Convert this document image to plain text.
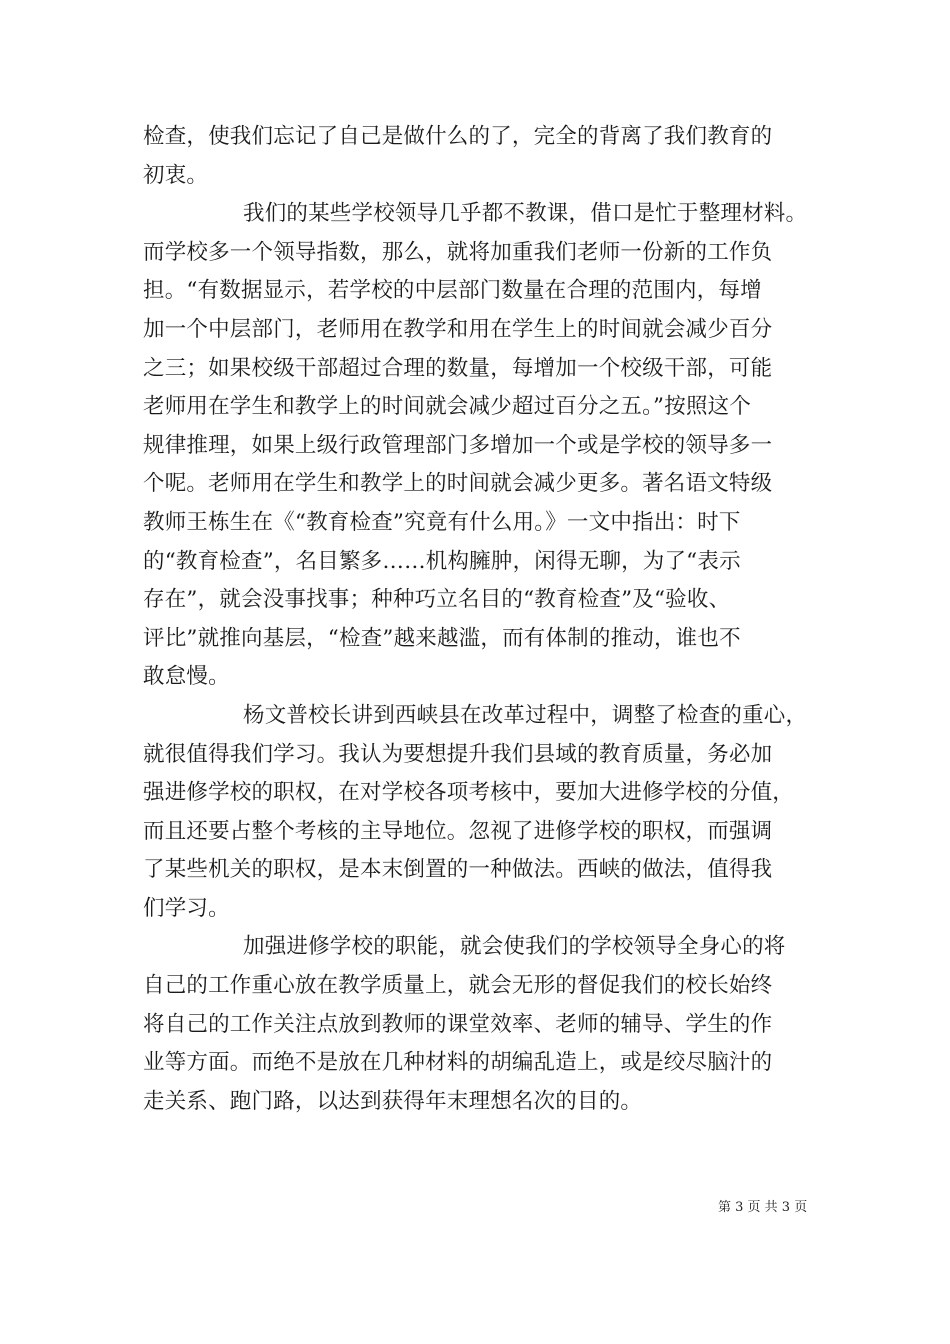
检查，使我们忘记了自己是做什么的了，完全的背离了我们教育的
初衷。
我们的某些学校领导几乎都不教课，借口是忙于整理材料。
而学校多一个领导指数，那么，就将加重我们老师一份新的工作负
担。“有数据显示，若学校的中层部门数量在合理的范围内，每增
加一个中层部门，老师用在教学和用在学生上的时间就会减少百分
之三；如果校级干部超过合理的数量，每增加一个校级干部，可能
老师用在学生和教学上的时间就会减少超过百分之五。”按照这个
规律推理，如果上级行政管理部门多增加一个或是学校的领导多一
个呢。老师用在学生和教学上的时间就会减少更多。著名语文特级
教师王栋生在《“教育检查”究竟有什么用。》一文中指出：时下
的“教育检查”，名目繁多……机构臃肿，闲得无聊，为了“表示
存在”，就会没事找事；种种巧立名目的“教育检查”及“验收、
评比”就推向基层，“检查”越来越滥，而有体制的推动，谁也不
敢怠慢。
杨文普校长讲到西峡县在改革过程中，调整了检查的重心，
就很值得我们学习。我认为要想提升我们县域的教育质量，务必加
强进修学校的职权，在对学校各项考核中，要加大进修学校的分值，
而且还要占整个考核的主导地位。忽视了进修学校的职权，而强调
了某些机关的职权，是本末倒置的一种做法。西峡的做法，值得我
们学习。
加强进修学校的职能，就会使我们的学校领导全身心的将
自己的工作重心放在教学质量上，就会无形的督促我们的校长始终
将自己的工作关注点放到教师的课堂效率、老师的辅导、学生的作
业等方面。而绝不是放在几种材料的胡编乱造上，或是绞尽脑汁的
走关系、跑门路，以达到获得年末理想名次的目的。
第 3 页 共 3 页
